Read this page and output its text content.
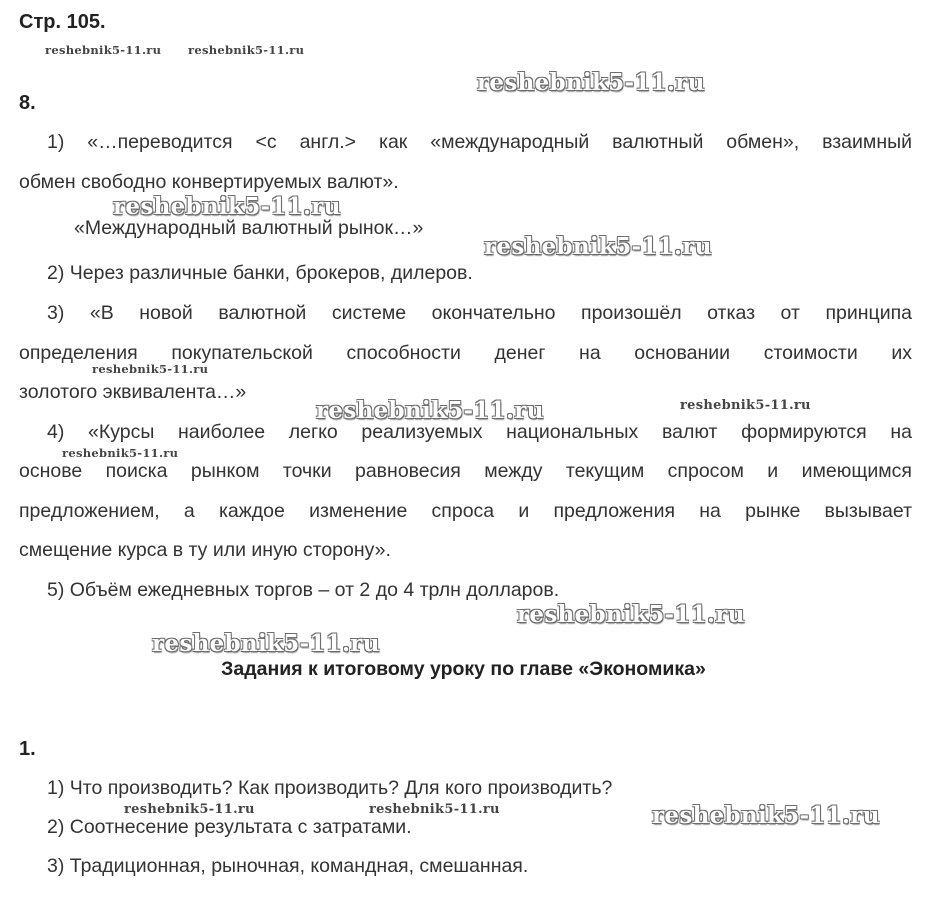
Стр. 105.
reshebnik5-11.ru reshebnik5-11.ru
reshebnik5-11.ru
8.
1) «…переводится <с англ.> как «международный валютный обмен», взаимный
обмен свободно конвертируемых валют».
reshebnik5-11.ru
«Международный валютный рынок…»
reshebnik5-11.ru
2) Через различные банки, брокеров, дилеров.
3) «В новой валютной системе окончательно произошёл отказ от принципа
определения покупательской способности денег на основании стоимости их
reshebnik5-11.ru
золотого эквивалента…»
reshebnik5-11.ru	reshebnik5-11.ru
4) «Курсы наиболее легко реализуемых национальных валют формируются на
reshebnik5-11.ru
основе поиска рынком точки равновесия между текущим спросом и имеющимся
предложением, а каждое изменение спроса и предложения на рынке вызывает
смещение курса в ту или иную сторону».
5) Объём ежедневных торгов – от 2 до 4 трлн долларов.
reshebnik5-11.ru
reshebnik5-11.ru
Задания к итоговому уроку по главе «Экономика»
1.
1) Что производить? Как производить? Для кого производить?
reshebnik5-11.ru	reshebnik5-11.ru	reshebnik5-11.ru
2) Соотнесение результата с затратами.
3) Традиционная, рыночная, командная, смешанная.
